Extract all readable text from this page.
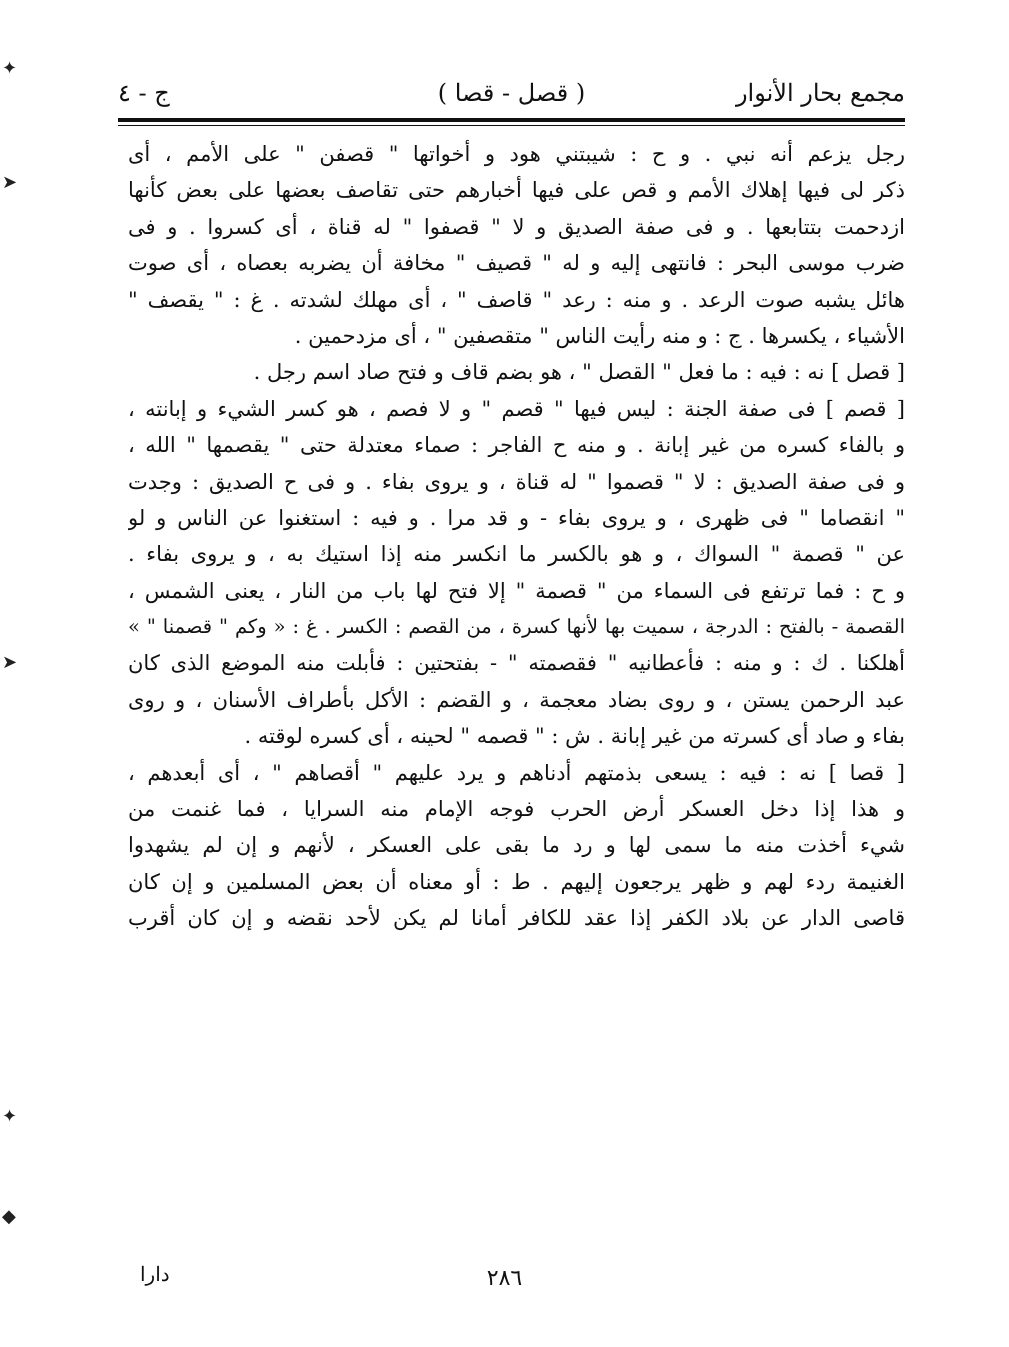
مجمع بحار الأنوار
( قصل - قصا )
ج - ٤
رجل يزعم أنه نبي . و ح : شيبتني هود و أخواتها " قصفن " على الأمم ، أى
ذكر لى فيها إهلاك الأمم و قص على فيها أخبارهم حتى تقاصف بعضها على بعض كأنها
ازدحمت بتتابعها . و فى صفة الصديق و لا " قصفوا " له قناة ، أى كسروا . و فى
ضرب موسى البحر : فانتهى إليه و له " قصيف " مخافة أن يضربه بعصاه ، أى صوت
هائل يشبه صوت الرعد . و منه : رعد " قاصف " ، أى مهلك لشدته . غ : " يقصف "
الأشياء ، يكسرها . ج : و منه رأيت الناس " متقصفين " ، أى مزدحمين .
[ قصل ] نه : فيه : ما فعل " القصل " ، هو بضم قاف و فتح صاد اسم رجل .
[ قصم ] فى صفة الجنة : ليس فيها " قصم " و لا فصم ، هو كسر الشيء و إبانته ،
و بالفاء كسره من غير إبانة . و منه ح الفاجر : صماء معتدلة حتى " يقصمها " الله ،
و فى صفة الصديق : لا " قصموا " له قناة ، و يروى بفاء . و فى ح الصديق : وجدت
" انقصاما " فى ظهرى ، و يروى بفاء - و قد مرا . و فيه : استغنوا عن الناس و لو
عن " قصمة " السواك ، و هو بالكسر ما انكسر منه إذا استيك به ، و يروى بفاء .
و ح : فما ترتفع فى السماء من " قصمة " إلا فتح لها باب من النار ، يعنى الشمس ،
القصمة - بالفتح : الدرجة ، سميت بها لأنها كسرة ، من القصم : الكسر . غ : « وكم " قصمنا " »
أهلكنا . ك : و منه : فأعطانيه " فقصمته " - بفتحتين : فأبلت منه الموضع الذى كان
عبد الرحمن يستن ، و روى بضاد معجمة ، و القضم : الأكل بأطراف الأسنان ، و روى
بفاء و صاد أى كسرته من غير إبانة . ش : " قصمه " لحينه ، أى كسره لوقته .
[ قصا ] نه : فيه : يسعى بذمتهم أدناهم و يرد عليهم " أقصاهم " ، أى أبعدهم ،
و هذا إذا دخل العسكر أرض الحرب فوجه الإمام منه السرايا ، فما غنمت من
شيء أخذت منه ما سمى لها و رد ما بقى على العسكر ، لأنهم و إن لم يشهدوا
الغنيمة ردء لهم و ظهر يرجعون إليهم . ط : أو معناه أن بعض المسلمين و إن كان
قاصى الدار عن بلاد الكفر إذا عقد للكافر أمانا لم يكن لأحد نقضه و إن كان أقرب
٢٨٦
دارا
✦
➤
➤
✦
◆
